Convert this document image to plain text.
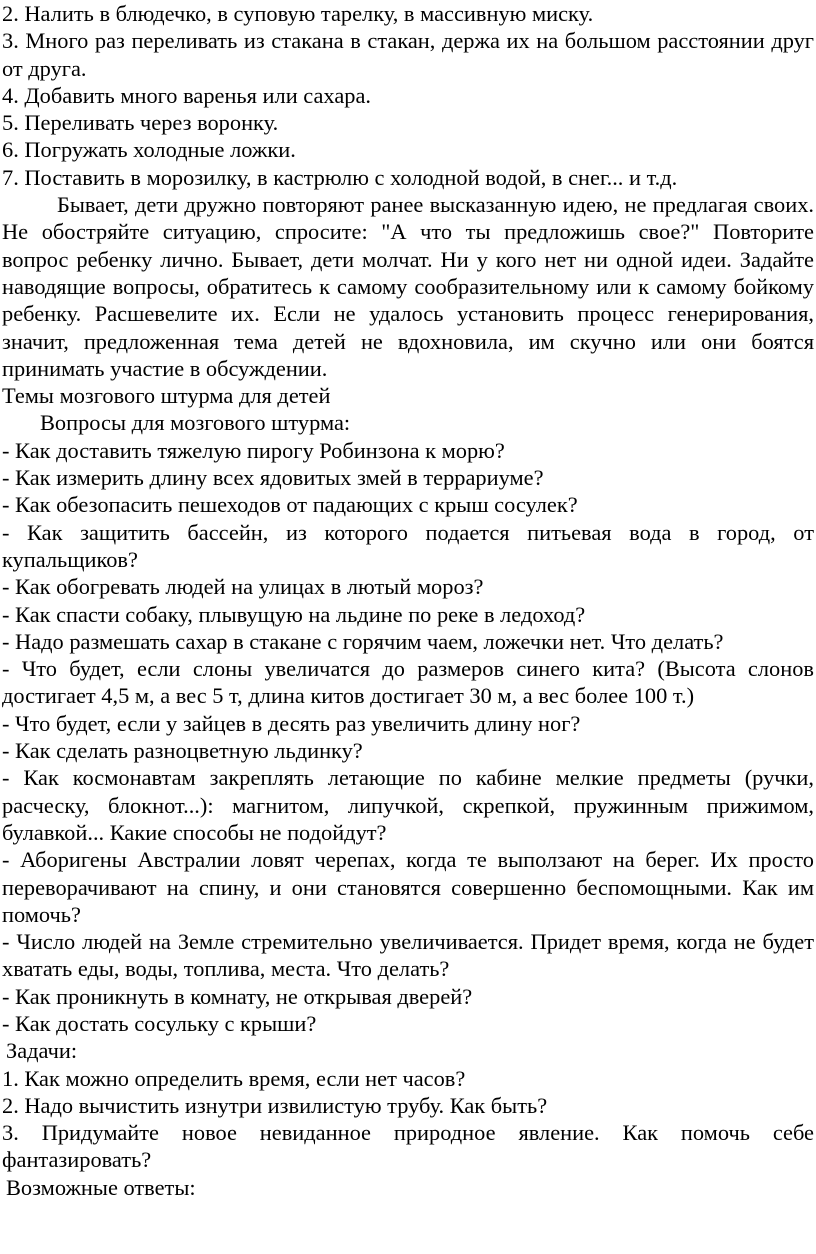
2. Налить в блюдечко, в суповую тарелку, в массивную миску.

3. Много раз переливать из стакана в стакан, держа их на большом расстоянии друг от друга.

4. Добавить много варенья или сахара.

5. Переливать через воронку.

6. Погружать холодные ложки.

7. Поставить в морозилку, в кастрюлю с холодной водой, в снег... и т.д.

Бывает, дети дружно повторяют ранее высказанную идею, не предлагая своих. Не обостряйте ситуацию, спросите: "А что ты предложишь свое?" Повторите вопрос ребенку лично. Бывает, дети молчат. Ни у кого нет ни одной идеи. Задайте наводящие вопросы, обратитесь к самому сообразительному или к самому бойкому ребенку. Расшевелите их. Если не удалось установить процесс генерирования, значит, предложенная тема детей не вдохновила, им скучно или они боятся принимать участие в обсуждении.

Темы мозгового штурма для детей

Вопросы для мозгового штурма:

- Как доставить тяжелую пирогу Робинзона к морю?

- Как измерить длину всех ядовитых змей в террариуме?

- Как обезопасить пешеходов от падающих с крыш сосулек?

- Как защитить бассейн, из которого подается питьевая вода в город, от купальщиков?

- Как обогревать людей на улицах в лютый мороз?

- Как спасти собаку, плывущую на льдине по реке в ледоход?

- Надо размешать сахар в стакане с горячим чаем, ложечки нет. Что делать?

- Что будет, если слоны увеличатся до размеров синего кита? (Высота слонов достигает 4,5 м, а вес 5 т, длина китов достигает 30 м, а вес более 100 т.)

- Что будет, если у зайцев в десять раз увеличить длину ног?

- Как сделать разноцветную льдинку?

- Как космонавтам закреплять летающие по кабине мелкие предметы (ручки, расческу, блокнот...): магнитом, липучкой, скрепкой, пружинным прижимом, булавкой... Какие способы не подойдут?

- Аборигены Австралии ловят черепах, когда те выползают на берег. Их просто переворачивают на спину, и они становятся совершенно беспомощными. Как им помочь?

- Число людей на Земле стремительно увеличивается. Придет время, когда не будет хватать еды, воды, топлива, места. Что делать?

- Как проникнуть в комнату, не открывая дверей?

- Как достать сосульку с крыши?

Задачи:

1. Как можно определить время, если нет часов?

2. Надо вычистить изнутри извилистую трубу. Как быть?

3. Придумайте новое невиданное природное явление. Как помочь себе фантазировать?

Возможные ответы:
